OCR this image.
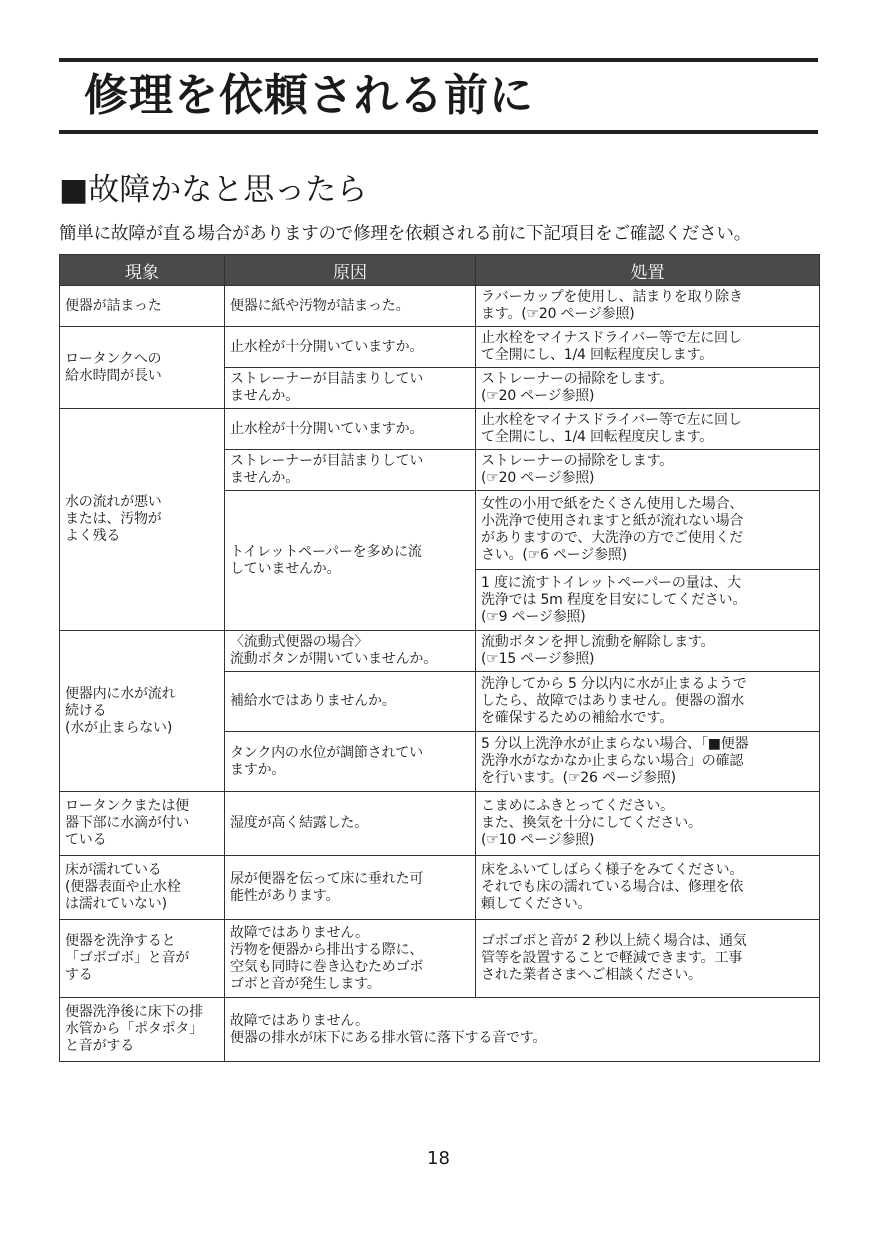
修理を依頼される前に
■故障かなと思ったら

簡単に故障が直る場合がありますので修理を依頼される前に下記項目をご確認ください。

現象	原因	処置
便器が詰まった	便器に紙や汚物が詰まった。	ラバーカップを使用し、詰まりを取り除き
ます。(☞20 ページ参照)
ロータンクへの
給水時間が長い	止水栓が十分開いていますか。	止水栓をマイナスドライバー等で左に回し
て全開にし、1/4 回転程度戻します。
	ストレーナーが目詰まりしてい
ませんか。	ストレーナーの掃除をします。
(☞20 ページ参照)
水の流れが悪い
または、汚物が
よく残る	止水栓が十分開いていますか。	止水栓をマイナスドライバー等で左に回し
て全開にし、1/4 回転程度戻します。
	ストレーナーが目詰まりしてい
ませんか。	ストレーナーの掃除をします。
(☞20 ページ参照)
	トイレットペーパーを多めに流
していませんか。	女性の小用で紙をたくさん使用した場合、
小洗浄で使用されますと紙が流れない場合
がありますので、大洗浄の方でご使用くだ
さい。(☞6 ページ参照)
		1 度に流すトイレットペーパーの量は、大
洗浄では 5m 程度を目安にしてください。
(☞9 ページ参照)
便器内に水が流れ
続ける
(水が止まらない)	〈流動式便器の場合〉
流動ボタンが開いていませんか。	流動ボタンを押し流動を解除します。
(☞15 ページ参照)
	補給水ではありませんか。	洗浄してから 5 分以内に水が止まるようで
したら、故障ではありません。便器の溜水
を確保するための補給水です。
	タンク内の水位が調節されてい
ますか。	5 分以上洗浄水が止まらない場合、「■便器
洗浄水がなかなか止まらない場合」の確認
を行います。(☞26 ページ参照)
ロータンクまたは便
器下部に水滴が付い
ている	湿度が高く結露した。	こまめにふきとってください。
また、換気を十分にしてください。
(☞10 ページ参照)
床が濡れている
(便器表面や止水栓
は濡れていない)	尿が便器を伝って床に垂れた可
能性があります。	床をふいてしばらく様子をみてください。
それでも床の濡れている場合は、修理を依
頼してください。
便器を洗浄すると
「ゴボゴボ」と音が
する	故障ではありません。
汚物を便器から排出する際に、
空気も同時に巻き込むためゴボ
ゴボと音が発生します。	ゴボゴボと音が 2 秒以上続く場合は、通気
管等を設置することで軽減できます。工事
された業者さまへご相談ください。
便器洗浄後に床下の排
水管から「ポタポタ」
と音がする	故障ではありません。
便器の排水が床下にある排水管に落下する音です。	
18
